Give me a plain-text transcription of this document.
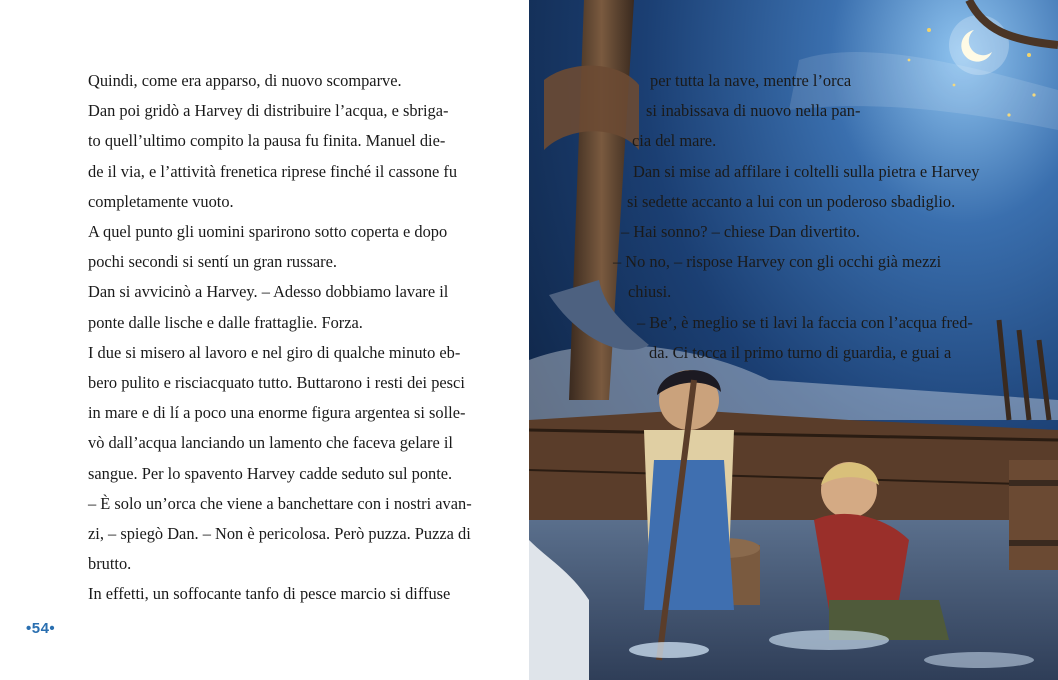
Quindi, come era apparso, di nuovo scomparve.

Dan poi gridò a Harvey di distribuire l’acqua, e sbriga-

to quell’ultimo compito la pausa fu finita. Manuel die-

de il via, e l’attività frenetica riprese finché il cassone fu

completamente vuoto.

A quel punto gli uomini sparirono sotto coperta e dopo

pochi secondi si sentí un gran russare.

Dan si avvicinò a Harvey. – Adesso dobbiamo lavare il

ponte dalle lische e dalle frattaglie. Forza.

I due si misero al lavoro e nel giro di qualche minuto eb-

bero pulito e risciacquato tutto. Buttarono i resti dei pesci

in mare e di lí a poco una enorme figura argentea si solle-

vò dall’acqua lanciando un lamento che faceva gelare il

sangue. Per lo spavento Harvey cadde seduto sul ponte.

– È solo un’orca che viene a banchettare con i nostri avan-

zi, – spiegò Dan. – Non è pericolosa. Però puzza. Puzza di

brutto.

In effetti, un soffocante tanfo di pesce marcio si diffuse

•54•

per tutta la nave, mentre l’orca

si inabissava di nuovo nella pan-

cia del mare.

Dan si mise ad affilare i coltelli sulla pietra e Harvey

si sedette accanto a lui con un poderoso sbadiglio.

– Hai sonno? – chiese Dan divertito.

– No no, – rispose Harvey con gli occhi già mezzi

chiusi.

– Be’, è meglio se ti lavi la faccia con l’acqua fred-

da. Ci tocca il primo turno di guardia, e guai a
